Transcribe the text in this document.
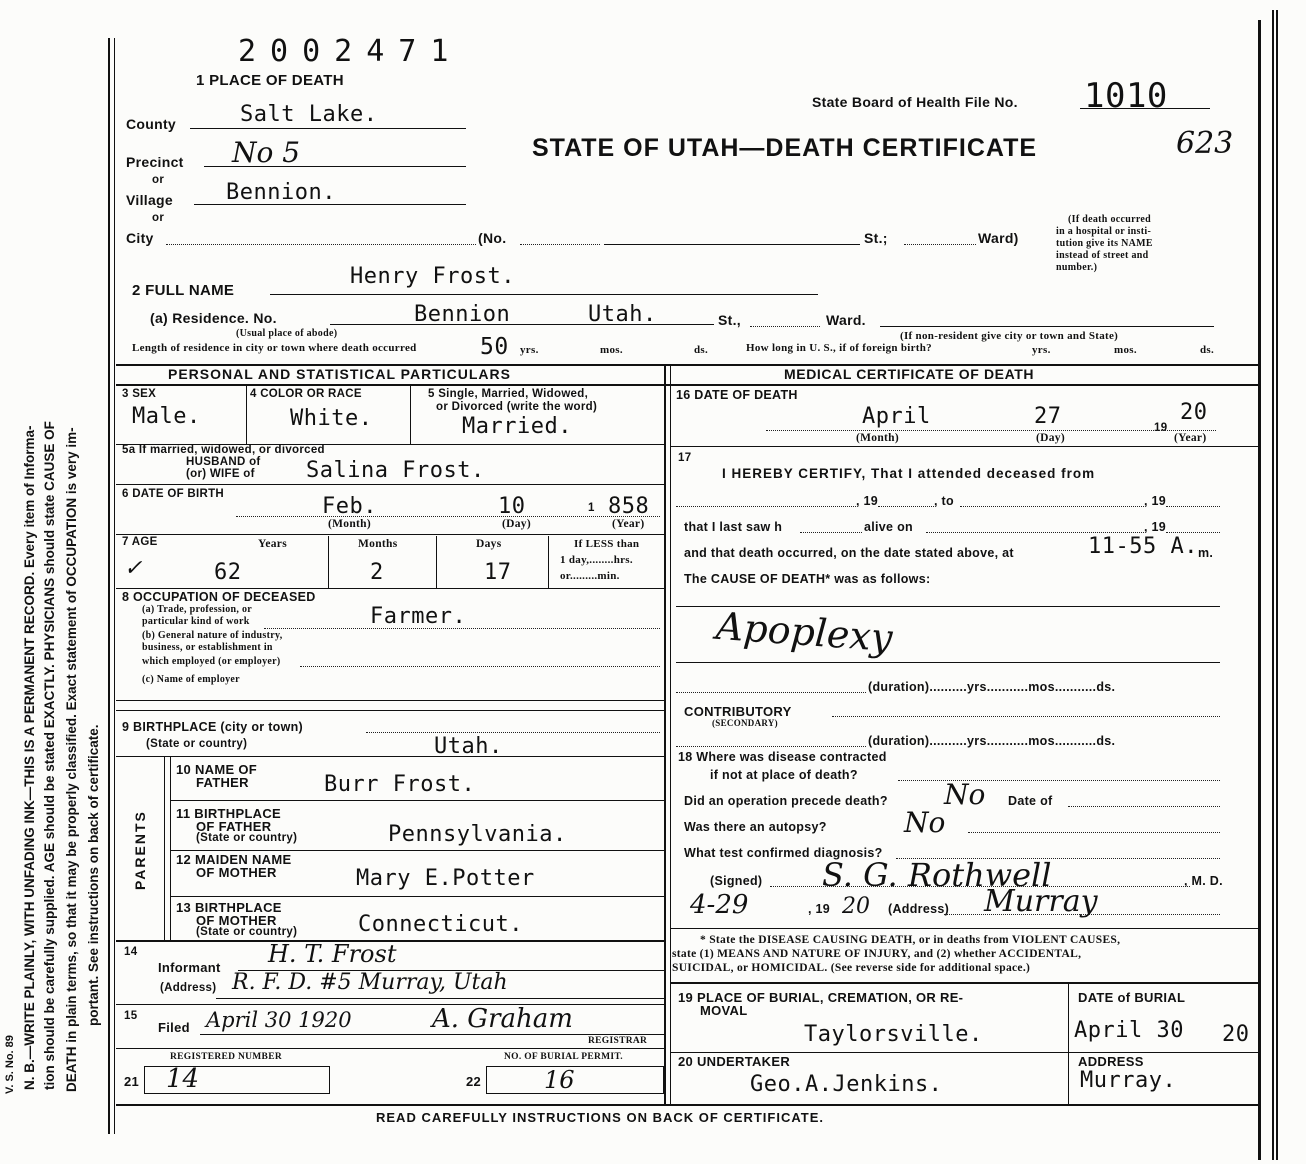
N. B.—WRITE PLAINLY, WITH UNFADING INK—THIS IS A PERMANENT RECORD. Every item of Informa- tion should be carefully supplied. AGE should be stated EXACTLY. PHYSICIANS should state CAUSE OF DEATH in plain terms, so that it may be properly classified. Exact statement of OCCUPATION is very im- portant. See instructions on back of certificate.
V. S. No. 89
2002471
1 PLACE OF DEATH
State Board of Health File No. 1010
STATE OF UTAH—DEATH CERTIFICATE	623
County	Salt Lake.
Precinct No 5
or
Village Bennion.
or
City	(No.	St.;	Ward)
(If death occurred
in a hospital or insti-
tution give its NAME
instead of street and
number.)
2 FULL NAME
Henry Frost.
(a) Residence. No.	Bennion	Utah.	St.,	Ward.
(Usual place of abode)	(If non-resident give city or town and State)
Length of residence in city or town where death occurred	50 yrs.	mos.	ds.	How long in U. S., if of foreign birth?	yrs.	mos.	ds.
PERSONAL AND STATISTICAL PARTICULARS	MEDICAL CERTIFICATE OF DEATH
3 SEX
Male.
4 COLOR OR RACE
White.
5 Single, Married, Widowed,
or Divorced (write the word)
Married.
5a If married, widowed, or divorced
HUSBAND of
(or) WIFE of Salina Frost.
6 DATE OF BIRTH	Feb.	10	1 858
(Month)	(Day)	(Year)
7 AGE
✓
Years
62
Months
2
Days
17
If LESS than
1 day,........hrs.
or.........min.
8 OCCUPATION OF DECEASED
(a) Trade, profession, or
particular kind of work	Farmer.
(b) General nature of industry,
business, or establishment in
which employed (or employer)
(c) Name of employer
9 BIRTHPLACE (city or town)
(State or country)	Utah.
PARENTS
10 NAME OF
FATHER	Burr Frost.
11 BIRTHPLACE
OF FATHER
(State or country)	Pennsylvania.
12 MAIDEN NAME
OF MOTHER	Mary E.Potter
13 BIRTHPLACE
OF MOTHER
(State or country)	Connecticut.
14
Informant H. T. Frost
(Address) R. F. D. #5 Murray, Utah
15
Filed April 30 1920	A. Graham
REGISTRAR
REGISTERED NUMBER	NO. OF BURIAL PERMIT.
21 14	22	16
16 DATE OF DEATH
April	27	19
20
(Month)	(Day)	(Year)
17
I HEREBY CERTIFY, That I attended deceased from
, 19	, to	, 19
that I last saw h	alive on	, 19
and that death occurred, on the date stated above, at	11-55 A. m.
The CAUSE OF DEATH* was as follows:
Apoplexy
(duration)..........yrs...........mos...........ds.
CONTRIBUTORY
(SECONDARY)
(duration)..........yrs...........mos...........ds.
18 Where was disease contracted
if not at place of death?
Did an operation precede death? No Date of
Was there an autopsy?	No
What test confirmed diagnosis?
(Signed) S. G. Rothwell	, M. D.
4-29	, 19 20 (Address) Murray
* State the DISEASE CAUSING DEATH, or in deaths from VIOLENT CAUSES,
state (1) MEANS AND NATURE OF INJURY, and (2) whether ACCIDENTAL,
SUICIDAL, or HOMICIDAL. (See reverse side for additional space.)
19 PLACE OF BURIAL, CREMATION, OR RE-
MOVAL
Taylorsville.
DATE of BURIAL
April 30 20
20 UNDERTAKER
Geo.A.Jenkins.
ADDRESS
Murray.
READ CAREFULLY INSTRUCTIONS ON BACK OF CERTIFICATE.
